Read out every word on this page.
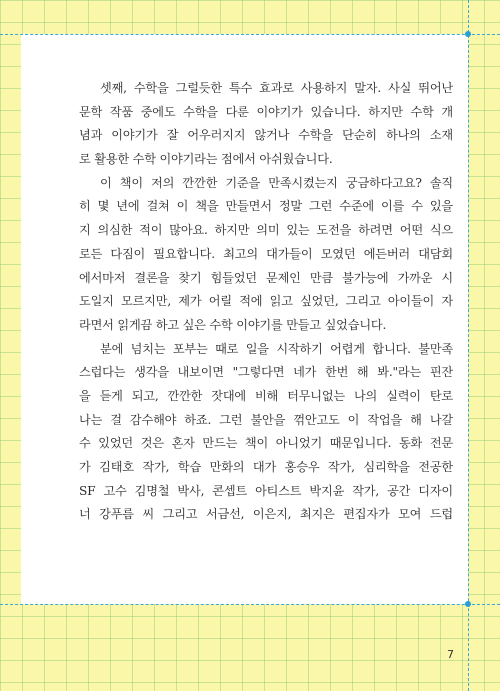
셋째, 수학을 그럴듯한 특수 효과로 사용하지 말자. 사실 뛰어난
문학 작품 중에도 수학을 다룬 이야기가 있습니다. 하지만 수학 개
념과 이야기가 잘 어우러지지 않거나 수학을 단순히 하나의 소재
로 활용한 수학 이야기라는 점에서 아쉬웠습니다.
이 책이 저의 깐깐한 기준을 만족시켰는지 궁금하다고요? 솔직
히 몇 년에 걸쳐 이 책을 만들면서 정말 그런 수준에 이를 수 있을
지 의심한 적이 많아요. 하지만 의미 있는 도전을 하려면 어떤 식으
로든 다짐이 필요합니다. 최고의 대가들이 모였던 에든버러 대담회
에서마저 결론을 찾기 힘들었던 문제인 만큼 불가능에 가까운 시
도일지 모르지만, 제가 어릴 적에 읽고 싶었던, 그리고 아이들이 자
라면서 읽게끔 하고 싶은 수학 이야기를 만들고 싶었습니다.
분에 넘치는 포부는 때로 일을 시작하기 어렵게 합니다. 불만족
스럽다는 생각을 내보이면 "그렇다면 네가 한번 해 봐."라는 핀잔
을 듣게 되고, 깐깐한 잣대에 비해 터무니없는 나의 실력이 탄로
나는 걸 감수해야 하죠. 그런 불안을 꺾안고도 이 작업을 해 나갈
수 있었던 것은 혼자 만드는 책이 아니었기 때문입니다. 동화 전문
가 김태호 작가, 학습 만화의 대가 홍승우 작가, 심리학을 전공한
SF 고수 김명철 박사, 콘셉트 아티스트 박지윤 작가, 공간 디자이
너 강푸름 씨 그리고 서금선, 이은지, 최지은 편집자가 모여 드럽
7
